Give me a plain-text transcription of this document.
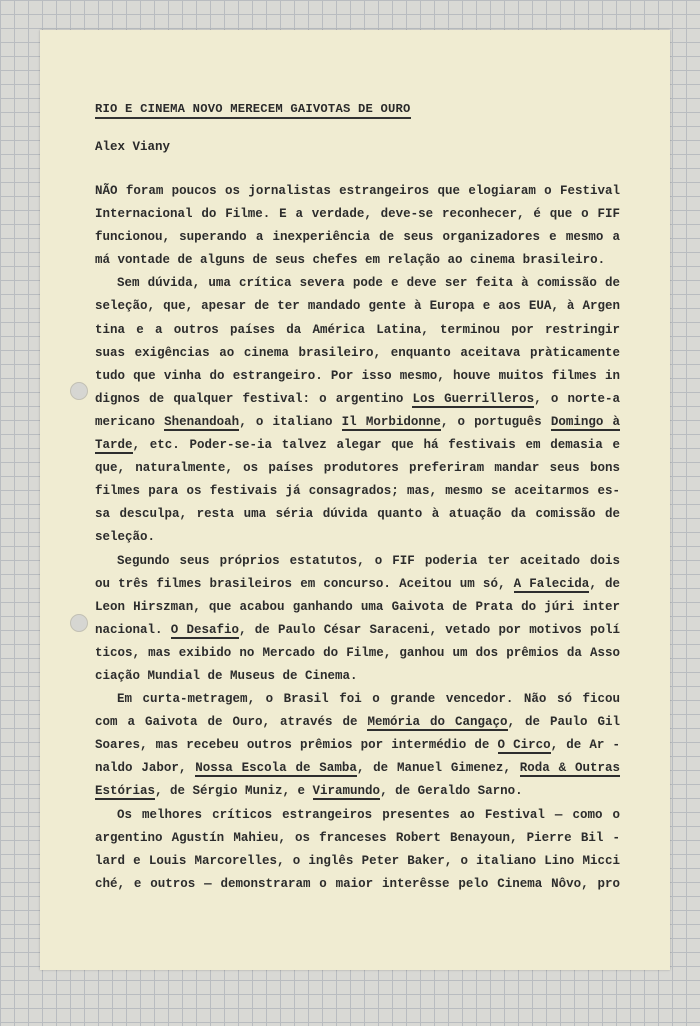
RIO E CINEMA NOVO MERECEM GAIVOTAS DE OURO
Alex Viany
NÃO foram poucos os jornalistas estrangeiros que elogiaram o Festival
Internacional do Filme. E a verdade, deve-se reconhecer, é que o FIF
funcionou, superando a inexperiência de seus organizadores e mesmo a
má vontade de alguns de seus chefes em relação ao cinema brasileiro.
Sem dúvida, uma crítica severa pode e deve ser feita à comissão de
seleção, que, apesar de ter mandado gente à Europa e aos EUA, à Argen
tina e a outros países da América Latina, terminou por restringir
suas exigências ao cinema brasileiro, enquanto aceitava pràticamente
tudo que vinha do estrangeiro. Por isso mesmo, houve muitos filmes in
dignos de qualquer festival: o argentino Los Guerrilleros, o norte-a
mericano Shenandoah, o italiano Il Morbidonne, o português Domingo à
Tarde, etc. Poder-se-ia talvez alegar que há festivais em demasia e
que, naturalmente, os países produtores preferiram mandar seus bons
filmes para os festivais já consagrados; mas, mesmo se aceitarmos es-
sa desculpa, resta uma séria dúvida quanto à atuação da comissão de
seleção.
Segundo seus próprios estatutos, o FIF poderia ter aceitado dois
ou três filmes brasileiros em concurso. Aceitou um só, A Falecida, de
Leon Hirszman, que acabou ganhando uma Gaivota de Prata do júri inter
nacional. O Desafio, de Paulo César Saraceni, vetado por motivos polí
ticos, mas exibido no Mercado do Filme, ganhou um dos prêmios da Asso
ciação Mundial de Museus de Cinema.
Em curta-metragem, o Brasil foi o grande vencedor. Não só ficou
com a Gaivota de Ouro, através de Memória do Cangaço, de Paulo Gil
Soares, mas recebeu outros prêmios por intermédio de O Circo, de Ar -
naldo Jabor, Nossa Escola de Samba, de Manuel Gimenez, Roda & Outras
Estórias, de Sérgio Muniz, e Viramundo, de Geraldo Sarno.
Os melhores críticos estrangeiros presentes ao Festival — como o
argentino Agustín Mahieu, os franceses Robert Benayoun, Pierre Bil -
lard e Louis Marcorelles, o inglês Peter Baker, o italiano Lino Micci
ché, e outros — demonstraram o maior interêsse pelo Cinema Nôvo, pro
